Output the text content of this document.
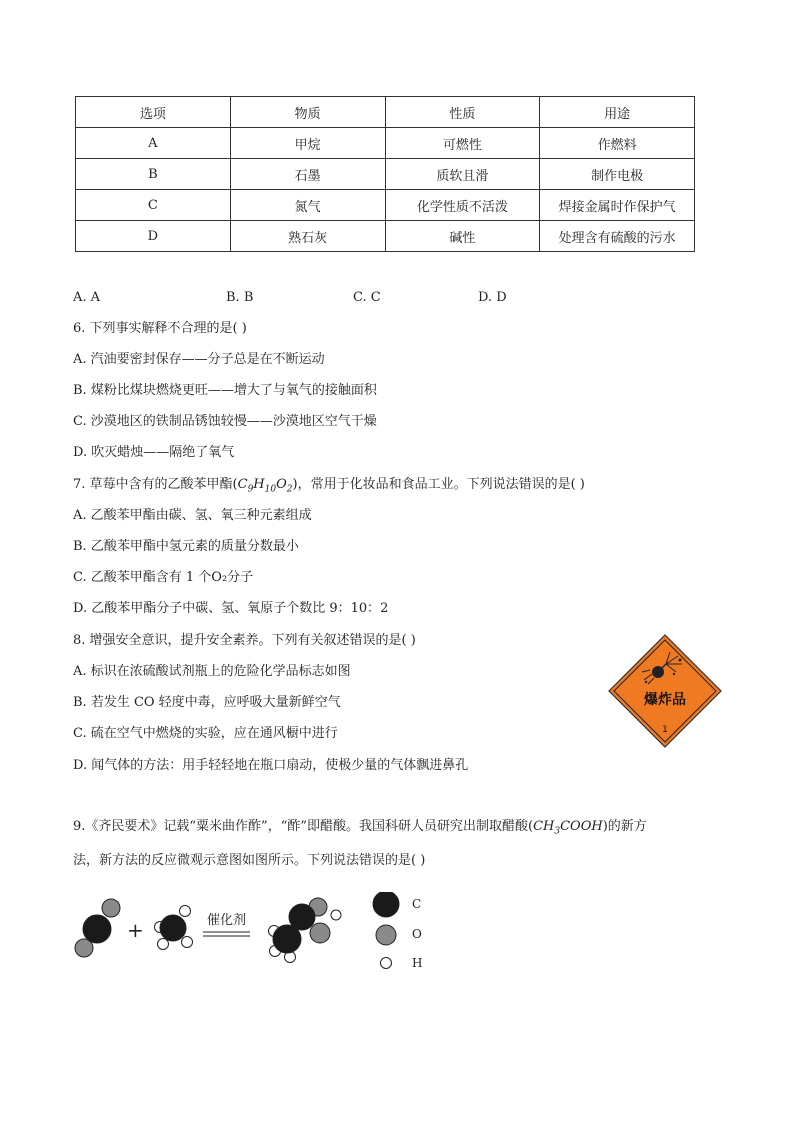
选项	物质	性质	用途
A	甲烷	可燃性	作燃料
B	石墨	质软且滑	制作电极
C	氮气	化学性质不活泼	焊接金属时作保护气
D	熟石灰	碱性	处理含有硫酸的污水
A. A	B. B	C. C	D. D
6. 下列事实解释不合理的是( )
A. 汽油要密封保存——分子总是在不断运动
B. 煤粉比煤块燃烧更旺——增大了与氧气的接触面积
C. 沙漠地区的铁制品锈蚀较慢——沙漠地区空气干燥
D. 吹灭蜡烛——隔绝了氧气
7. 草莓中含有的乙酸苯甲酯$(C_9H_{10}O_2)$，常用于化妆品和食品工业。下列说法错误的是( )
A. 乙酸苯甲酯由碳、氢、氧三种元素组成
B. 乙酸苯甲酯中氢元素的质量分数最小
C. 乙酸苯甲酯含有 1 个O₂分子
D. 乙酸苯甲酯分子中碳、氢、氧原子个数比 9：10：2
8. 增强安全意识，提升安全素养。下列有关叙述错误的是( )
A. 标识在浓硫酸试剂瓶上的危险化学品标志如图
B. 若发生 CO 轻度中毒，应呼吸大量新鲜空气
C. 硫在空气中燃烧的实验，应在通风橱中进行
D. 闻气体的方法：用手轻轻地在瓶口扇动，使极少量的气体飘进鼻孔
爆炸品
1
9.《齐民要术》记载“粟米曲作酢”，“酢”即醋酸。我国科研人员研究出制取醋酸$(CH_3COOH)$的新方
法，新方法的反应微观示意图如图所示。下列说法错误的是( )
+	催化剂
C
O
H
